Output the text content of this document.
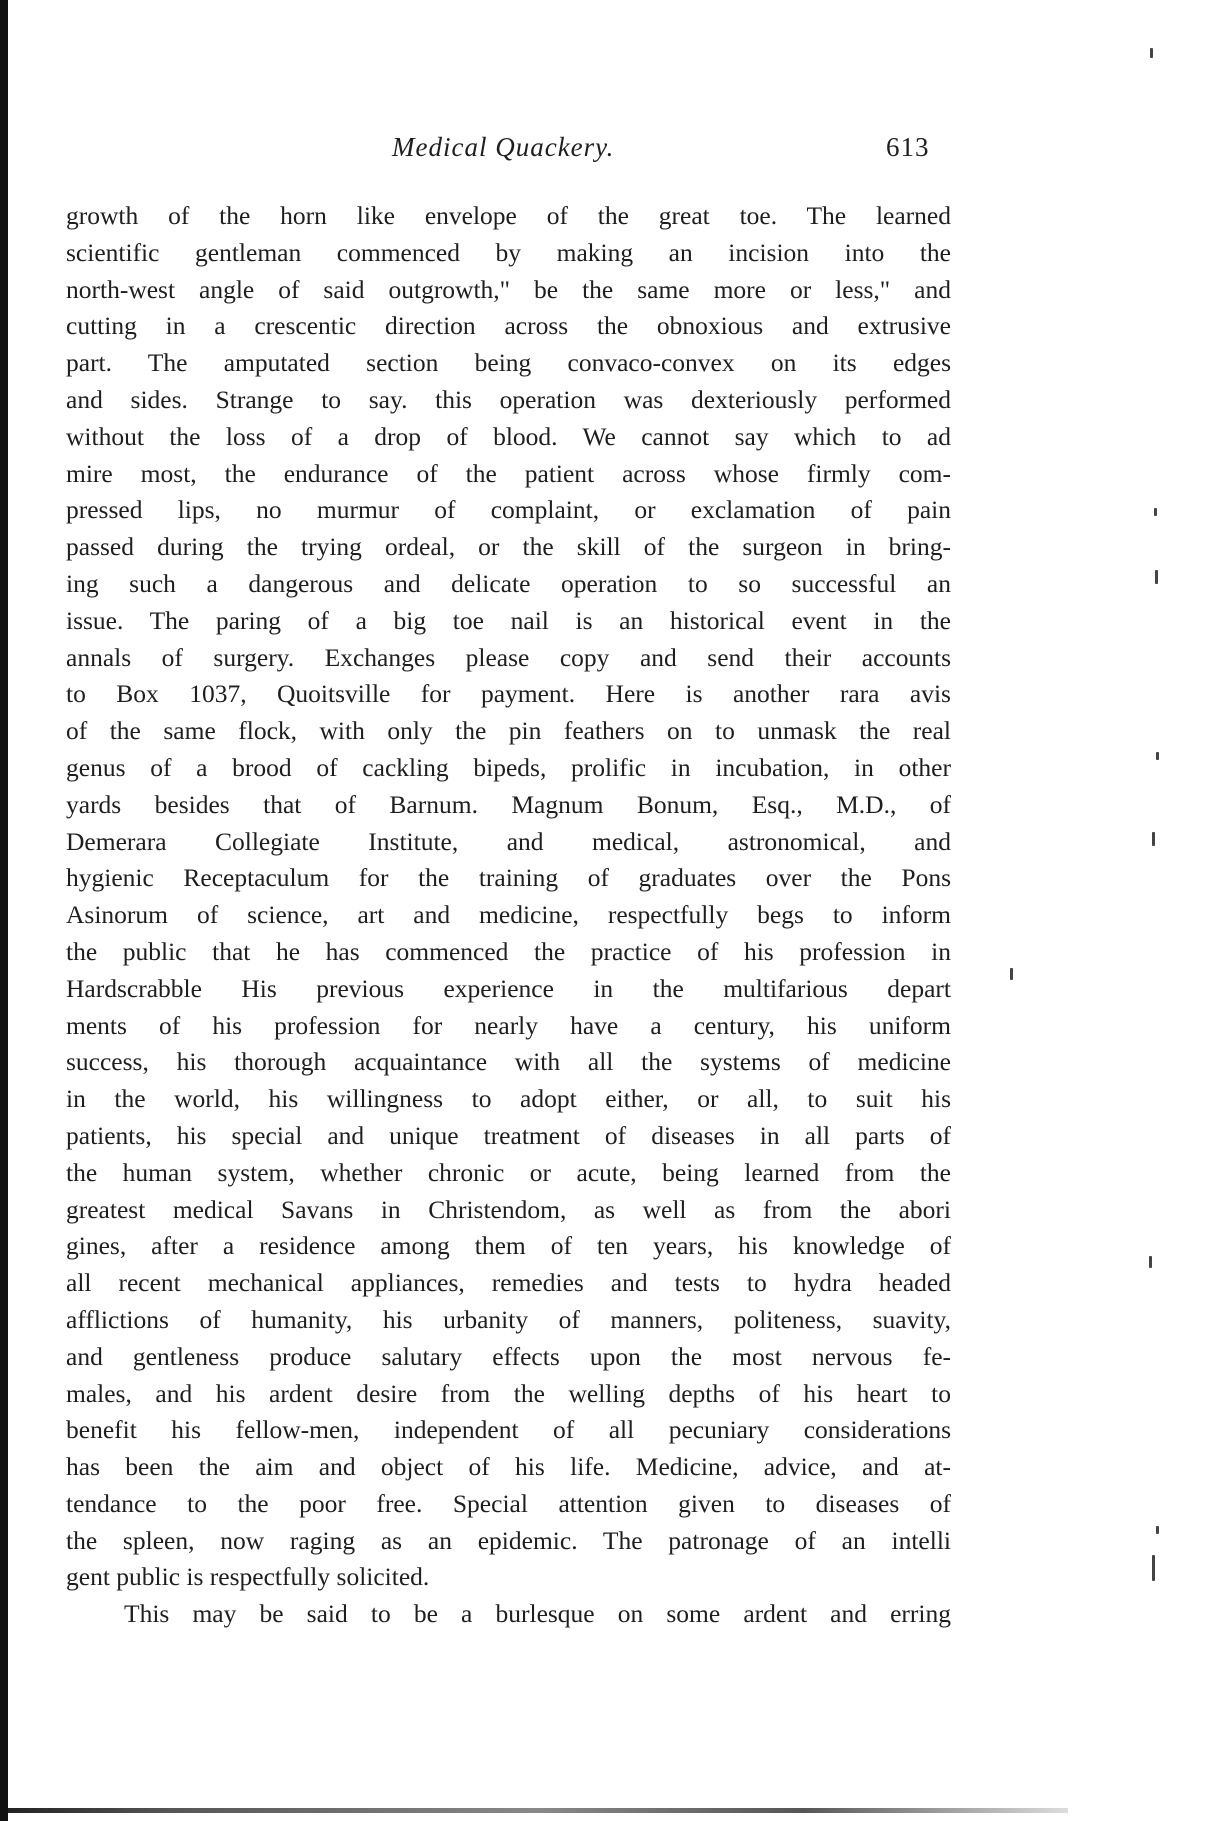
Medical Quackery.	613
growth of the horn like envelope of the great toe. The learned
scientific gentleman commenced by making an incision into the
north-west angle of said outgrowth," be the same more or less," and
cutting in a crescentic direction across the obnoxious and extrusive
part. The amputated section being convaco-convex on its edges
and sides. Strange to say. this operation was dexteriously performed
without the loss of a drop of blood. We cannot say which to ad
mire most, the endurance of the patient across whose firmly com-
pressed lips, no murmur of complaint, or exclamation of pain
passed during the trying ordeal, or the skill of the surgeon in bring-
ing such a dangerous and delicate operation to so successful an
issue. The paring of a big toe nail is an historical event in the
annals of surgery. Exchanges please copy and send their accounts
to Box 1037, Quoitsville for payment. Here is another rara avis
of the same flock, with only the pin feathers on to unmask the real
genus of a brood of cackling bipeds, prolific in incubation, in other
yards besides that of Barnum. Magnum Bonum, Esq., M.D., of
Demerara Collegiate Institute, and medical, astronomical, and
hygienic Receptaculum for the training of graduates over the Pons
Asinorum of science, art and medicine, respectfully begs to inform
the public that he has commenced the practice of his profession in
Hardscrabble His previous experience in the multifarious depart
ments of his profession for nearly have a century, his uniform
success, his thorough acquaintance with all the systems of medicine
in the world, his willingness to adopt either, or all, to suit his
patients, his special and unique treatment of diseases in all parts of
the human system, whether chronic or acute, being learned from the
greatest medical Savans in Christendom, as well as from the abori
gines, after a residence among them of ten years, his knowledge of
all recent mechanical appliances, remedies and tests to hydra headed
afflictions of humanity, his urbanity of manners, politeness, suavity,
and gentleness produce salutary effects upon the most nervous fe-
males, and his ardent desire from the welling depths of his heart to
benefit his fellow-men, independent of all pecuniary considerations
has been the aim and object of his life. Medicine, advice, and at-
tendance to the poor free. Special attention given to diseases of
the spleen, now raging as an epidemic. The patronage of an intelli
gent public is respectfully solicited.
This may be said to be a burlesque on some ardent and erring
